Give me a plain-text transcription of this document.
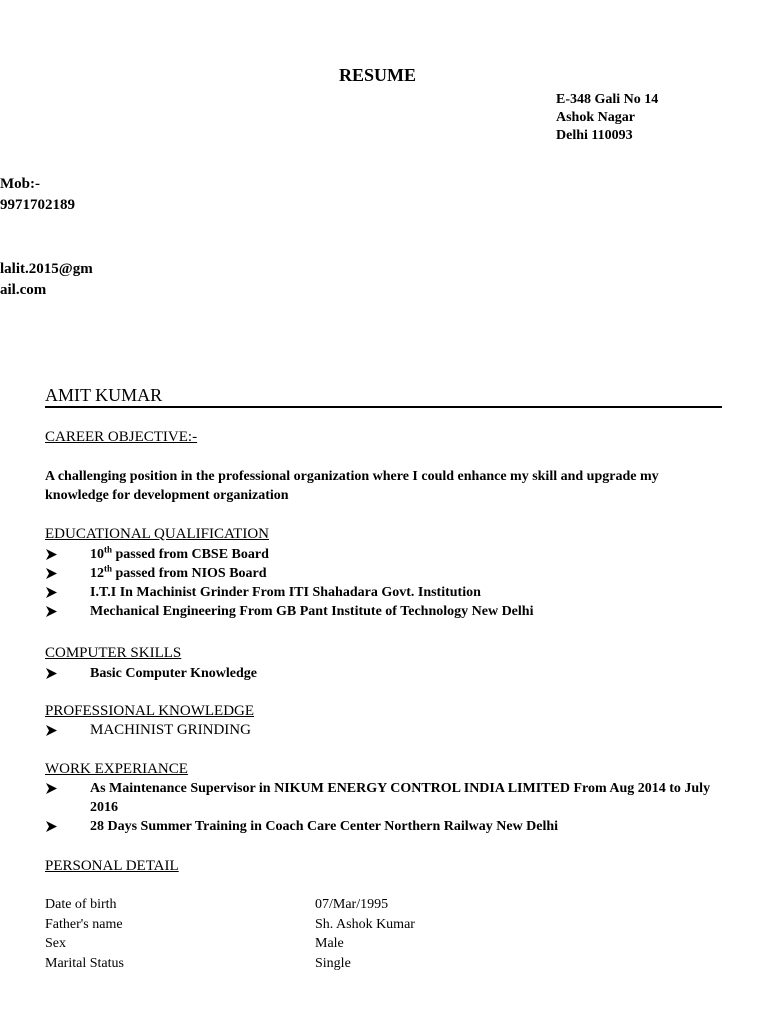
RESUME
E-348 Gali No 14
Ashok Nagar
Delhi 110093
Mob:-
9971702189
lalit.2015@gm
ail.com
AMIT KUMAR
CAREER OBJECTIVE:-
A challenging position in the professional organization where I could enhance my skill and upgrade my knowledge for development organization
EDUCATIONAL QUALIFICATION
10th passed from CBSE Board
12th passed from NIOS Board
I.T.I In Machinist Grinder From ITI Shahadara Govt. Institution
Mechanical Engineering From GB Pant Institute of Technology New Delhi
COMPUTER SKILLS
Basic Computer Knowledge
PROFESSIONAL KNOWLEDGE
MACHINIST GRINDING
WORK EXPERIANCE
As Maintenance Supervisor in NIKUM ENERGY CONTROL INDIA LIMITED From Aug 2014 to July 2016
28 Days Summer Training in Coach Care Center Northern Railway New Delhi
PERSONAL DETAIL
Date of birth	07/Mar/1995
Father's name	Sh. Ashok Kumar
Sex	Male
Marital Status	Single
